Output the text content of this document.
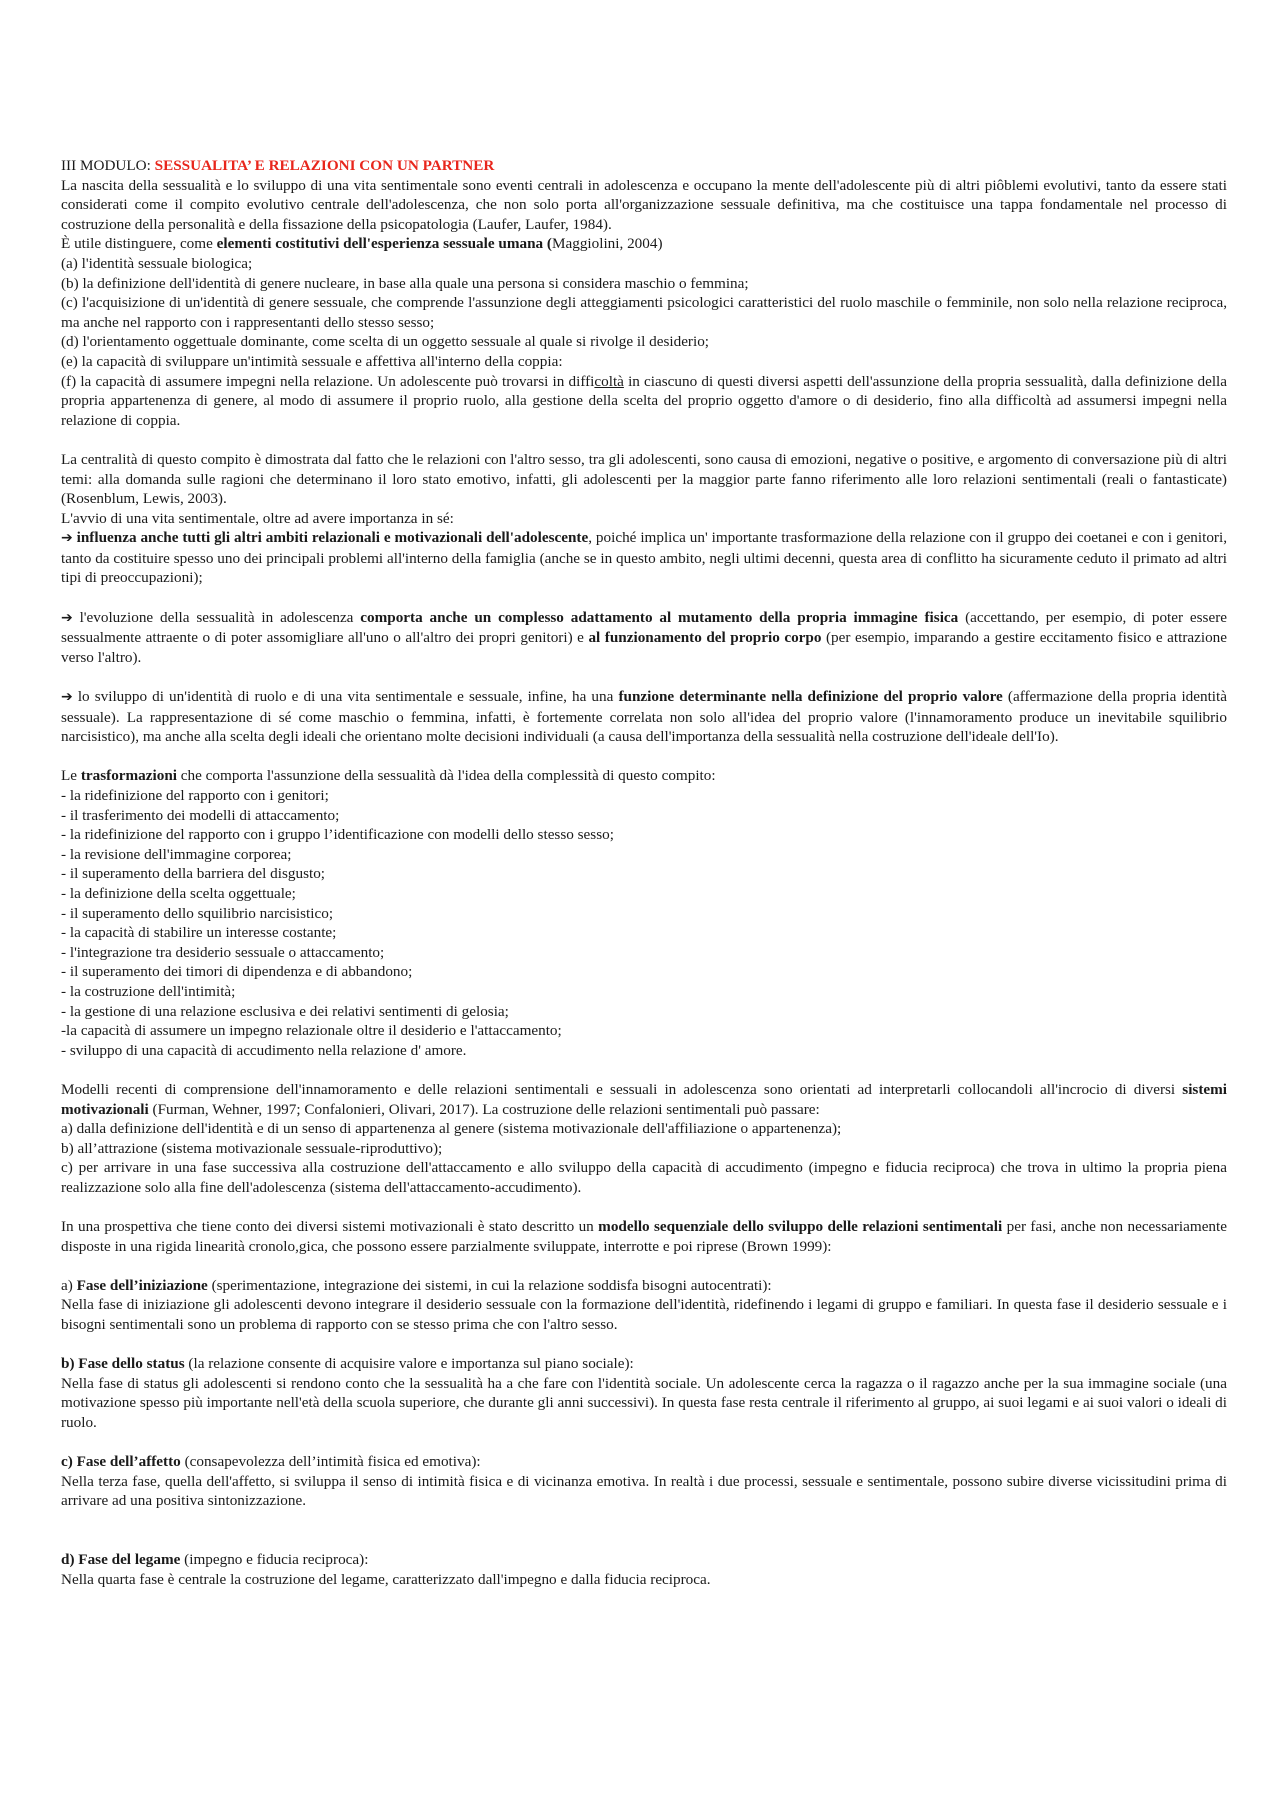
III MODULO: SESSUALITA’ E RELAZIONI CON UN PARTNER

La nascita della sessualità e lo sviluppo di una vita sentimentale sono eventi centrali in adolescenza e occupano la mente dell'adolescente più di altri piôblemi evolutivi, tanto da essere stati considerati come il compito evolutivo centrale dell'adolescenza, che non solo porta all'organizzazione sessuale definitiva, ma che costituisce una tappa fondamentale nel processo di costruzione della personalità e della fissazione della psicopatologia (Laufer, Laufer, 1984).

È utile distinguere, come elementi costitutivi dell'esperienza sessuale umana (Maggiolini, 2004)

(a) l'identità sessuale biologica;

(b) la definizione dell'identità di genere nucleare, in base alla quale una persona si considera maschio o femmina;

(c) l'acquisizione di un'identità di genere sessuale, che comprende l'assunzione degli atteggiamenti psicologici caratteristici del ruolo maschile o femminile, non solo nella relazione reciproca, ma anche nel rapporto con i rappresentanti dello stesso sesso;

(d) l'orientamento oggettuale dominante, come scelta di un oggetto sessuale al quale si rivolge il desiderio;

(e) la capacità di sviluppare un'intimità sessuale e affettiva all'interno della coppia:

(f) la capacità di assumere impegni nella relazione. Un adolescente può trovarsi in difficoltà in ciascuno di questi diversi aspetti dell'assunzione della propria sessualità, dalla definizione della propria appartenenza di genere, al modo di assumere il proprio ruolo, alla gestione della scelta del proprio oggetto d'amore o di desiderio, fino alla difficoltà ad assumersi impegni nella relazione di coppia.

La centralità di questo compito è dimostrata dal fatto che le relazioni con l'altro sesso, tra gli adolescenti, sono causa di emozioni, negative o positive, e argomento di conversazione più di altri temi: alla domanda sulle ragioni che determinano il loro stato emotivo, infatti, gli adolescenti per la maggior parte fanno riferimento alle loro relazioni sentimentali (reali o fantasticate) (Rosenblum, Lewis, 2003).

L'avvio di una vita sentimentale, oltre ad avere importanza in sé:

➔ influenza anche tutti gli altri ambiti relazionali e motivazionali dell'adolescente, poiché implica un' importante trasformazione della relazione con il gruppo dei coetanei e con i genitori, tanto da costituire spesso uno dei principali problemi all'interno della famiglia (anche se in questo ambito, negli ultimi decenni, questa area di conflitto ha sicuramente ceduto il primato ad altri tipi di preoccupazioni);

➔ l'evoluzione della sessualità in adolescenza comporta anche un complesso adattamento al mutamento della propria immagine fisica (accettando, per esempio, di poter essere sessualmente attraente o di poter assomigliare all'uno o all'altro dei propri genitori) e al funzionamento del proprio corpo (per esempio, imparando a gestire eccitamento fisico e attrazione verso l'altro).

➔ lo sviluppo di un'identità di ruolo e di una vita sentimentale e sessuale, infine, ha una funzione determinante nella definizione del proprio valore (affermazione della propria identità sessuale). La rappresentazione di sé come maschio o femmina, infatti, è fortemente correlata non solo all'idea del proprio valore (l'innamoramento produce un inevitabile squilibrio narcisistico), ma anche alla scelta degli ideali che orientano molte decisioni individuali (a causa dell'importanza della sessualità nella costruzione dell'ideale dell'Io).

Le trasformazioni che comporta l'assunzione della sessualità dà l'idea della complessità di questo compito:

- la ridefinizione del rapporto con i genitori;
- il trasferimento dei modelli di attaccamento;
- la ridefinizione del rapporto con i gruppo l’identificazione con modelli dello stesso sesso;
- la revisione dell'immagine corporea;
- il superamento della barriera del disgusto;
- la definizione della scelta oggettuale;
- il superamento dello squilibrio narcisistico;
- la capacità di stabilire un interesse costante;
- l'integrazione tra desiderio sessuale o attaccamento;
- il superamento dei timori di dipendenza e di abbandono;
- la costruzione dell'intimità;
- la gestione di una relazione esclusiva e dei relativi sentimenti di gelosia;
-la capacità di assumere un impegno relazionale oltre il desiderio e l'attaccamento;
- sviluppo di una capacità di accudimento nella relazione d' amore.

Modelli recenti di comprensione dell'innamoramento e delle relazioni sentimentali e sessuali in adolescenza sono orientati ad interpretarli collocandoli all'incrocio di diversi sistemi motivazionali (Furman, Wehner, 1997; Confalonieri, Olivari, 2017). La costruzione delle relazioni sentimentali può passare:

a) dalla definizione dell'identità e di un senso di appartenenza al genere (sistema motivazionale dell'affiliazione o appartenenza);

b) all’attrazione (sistema motivazionale sessuale-riproduttivo);

c) per arrivare in una fase successiva alla costruzione dell'attaccamento e allo sviluppo della capacità di accudimento (impegno e fiducia reciproca) che trova in ultimo la propria piena realizzazione solo alla fine dell'adolescenza (sistema dell'attaccamento-accudimento).

In una prospettiva che tiene conto dei diversi sistemi motivazionali è stato descritto un modello sequenziale dello sviluppo delle relazioni sentimentali per fasi, anche non necessariamente disposte in una rigida linearità cronolo,gica, che possono essere parzialmente sviluppate, interrotte e poi riprese (Brown 1999):

a) Fase dell’iniziazione (sperimentazione, integrazione dei sistemi, in cui la relazione soddisfa bisogni autocentrati):

Nella fase di iniziazione gli adolescenti devono integrare il desiderio sessuale con la formazione dell'identità, ridefinendo i legami di gruppo e familiari. In questa fase il desiderio sessuale e i bisogni sentimentali sono un problema di rapporto con se stesso prima che con l'altro sesso.

b) Fase dello status (la relazione consente di acquisire valore e importanza sul piano sociale):

Nella fase di status gli adolescenti si rendono conto che la sessualità ha a che fare con l'identità sociale. Un adolescente cerca la ragazza o il ragazzo anche per la sua immagine sociale (una motivazione spesso più importante nell'età della scuola superiore, che durante gli anni successivi). In questa fase resta centrale il riferimento al gruppo, ai suoi legami e ai suoi valori o ideali di ruolo.

c) Fase dell’affetto (consapevolezza dell’intimità fisica ed emotiva):

Nella terza fase, quella dell'affetto, si sviluppa il senso di intimità fisica e di vicinanza emotiva. In realtà i due processi, sessuale e sentimentale, possono subire diverse vicissitudini prima di arrivare ad una positiva sintonizzazione.

d) Fase del legame (impegno e fiducia reciproca):

Nella quarta fase è centrale la costruzione del legame, caratterizzato dall'impegno e dalla fiducia reciproca.
